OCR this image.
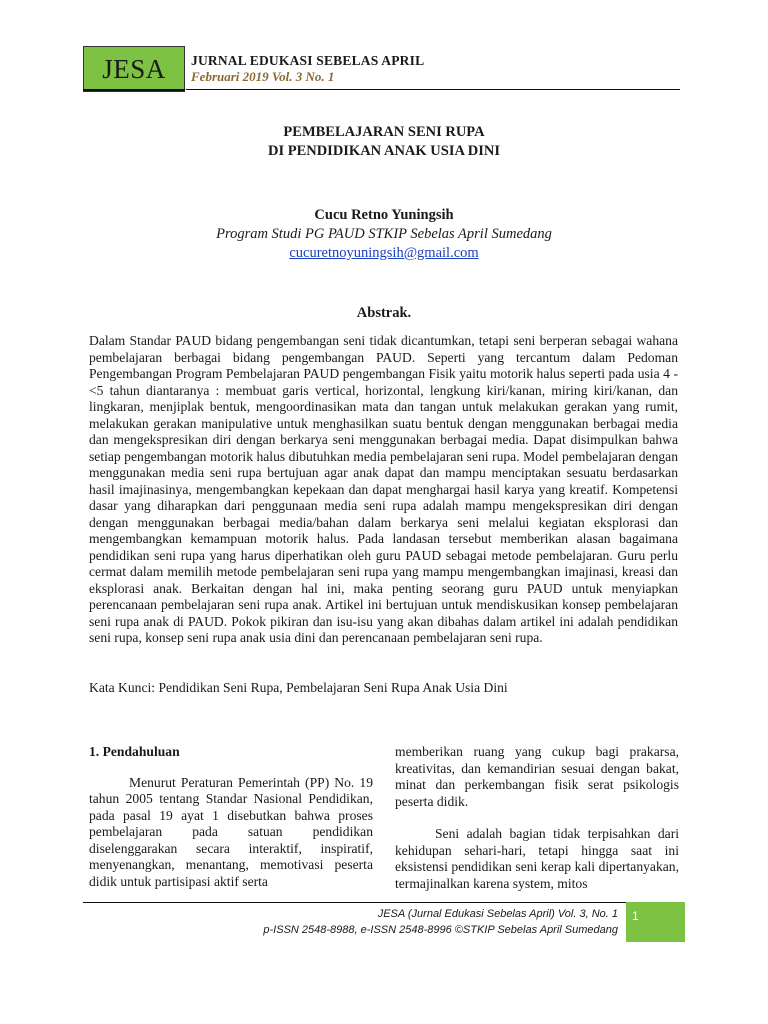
JESA	JURNAL EDUKASI SEBELAS APRIL
Februari 2019 Vol. 3 No. 1
PEMBELAJARAN SENI RUPA
DI PENDIDIKAN ANAK USIA DINI
Cucu Retno Yuningsih
Program Studi PG PAUD STKIP Sebelas April Sumedang
cucuretnoyuningsih@gmail.com
Abstrak.
Dalam Standar PAUD bidang pengembangan seni tidak dicantumkan, tetapi seni berperan sebagai wahana pembelajaran berbagai bidang pengembangan PAUD. Seperti yang tercantum dalam Pedoman Pengembangan Program Pembelajaran PAUD pengembangan Fisik yaitu motorik halus seperti pada usia 4 - <5 tahun diantaranya : membuat garis vertical, horizontal, lengkung kiri/kanan, miring kiri/kanan, dan lingkaran, menjiplak bentuk, mengoordinasikan mata dan tangan untuk melakukan gerakan yang rumit, melakukan gerakan manipulative untuk menghasilkan suatu bentuk dengan menggunakan berbagai media dan mengekspresikan diri dengan berkarya seni menggunakan berbagai media. Dapat disimpulkan bahwa setiap pengembangan motorik halus dibutuhkan media pembelajaran seni rupa. Model pembelajaran dengan menggunakan media seni rupa bertujuan agar anak dapat dan mampu menciptakan sesuatu berdasarkan hasil imajinasinya, mengembangkan kepekaan dan dapat menghargai hasil karya yang kreatif. Kompetensi dasar yang diharapkan dari penggunaan media seni rupa adalah mampu mengekspresikan diri dengan dengan menggunakan berbagai media/bahan dalam berkarya seni melalui kegiatan eksplorasi dan mengembangkan kemampuan motorik halus. Pada landasan tersebut memberikan alasan bagaimana pendidikan seni rupa yang harus diperhatikan oleh guru PAUD sebagai metode pembelajaran. Guru perlu cermat dalam memilih metode pembelajaran seni rupa yang mampu mengembangkan imajinasi, kreasi dan eksplorasi anak. Berkaitan dengan hal ini, maka penting seorang guru PAUD untuk menyiapkan perencanaan pembelajaran seni rupa anak. Artikel ini bertujuan untuk mendiskusikan konsep pembelajaran seni rupa anak di PAUD. Pokok pikiran dan isu-isu yang akan dibahas dalam artikel ini adalah pendidikan seni rupa, konsep seni rupa anak usia dini dan perencanaan pembelajaran seni rupa.
Kata Kunci: Pendidikan Seni Rupa, Pembelajaran Seni Rupa Anak Usia Dini
1. Pendahuluan
Menurut Peraturan Pemerintah (PP) No. 19 tahun 2005 tentang Standar Nasional Pendidikan, pada pasal 19 ayat 1 disebutkan bahwa proses pembelajaran pada satuan pendidikan diselenggarakan secara interaktif, inspiratif, menyenangkan, menantang, memotivasi peserta didik untuk partisipasi aktif serta
memberikan ruang yang cukup bagi prakarsa, kreativitas, dan kemandirian sesuai dengan bakat, minat dan perkembangan fisik serat psikologis peserta didik.
Seni adalah bagian tidak terpisahkan dari kehidupan sehari-hari, tetapi hingga saat ini eksistensi pendidikan seni kerap kali dipertanyakan, termajinalkan karena system, mitos
JESA (Jurnal Edukasi Sebelas April) Vol. 3, No. 1
p-ISSN 2548-8988, e-ISSN 2548-8996 ©STKIP Sebelas April Sumedang
1
